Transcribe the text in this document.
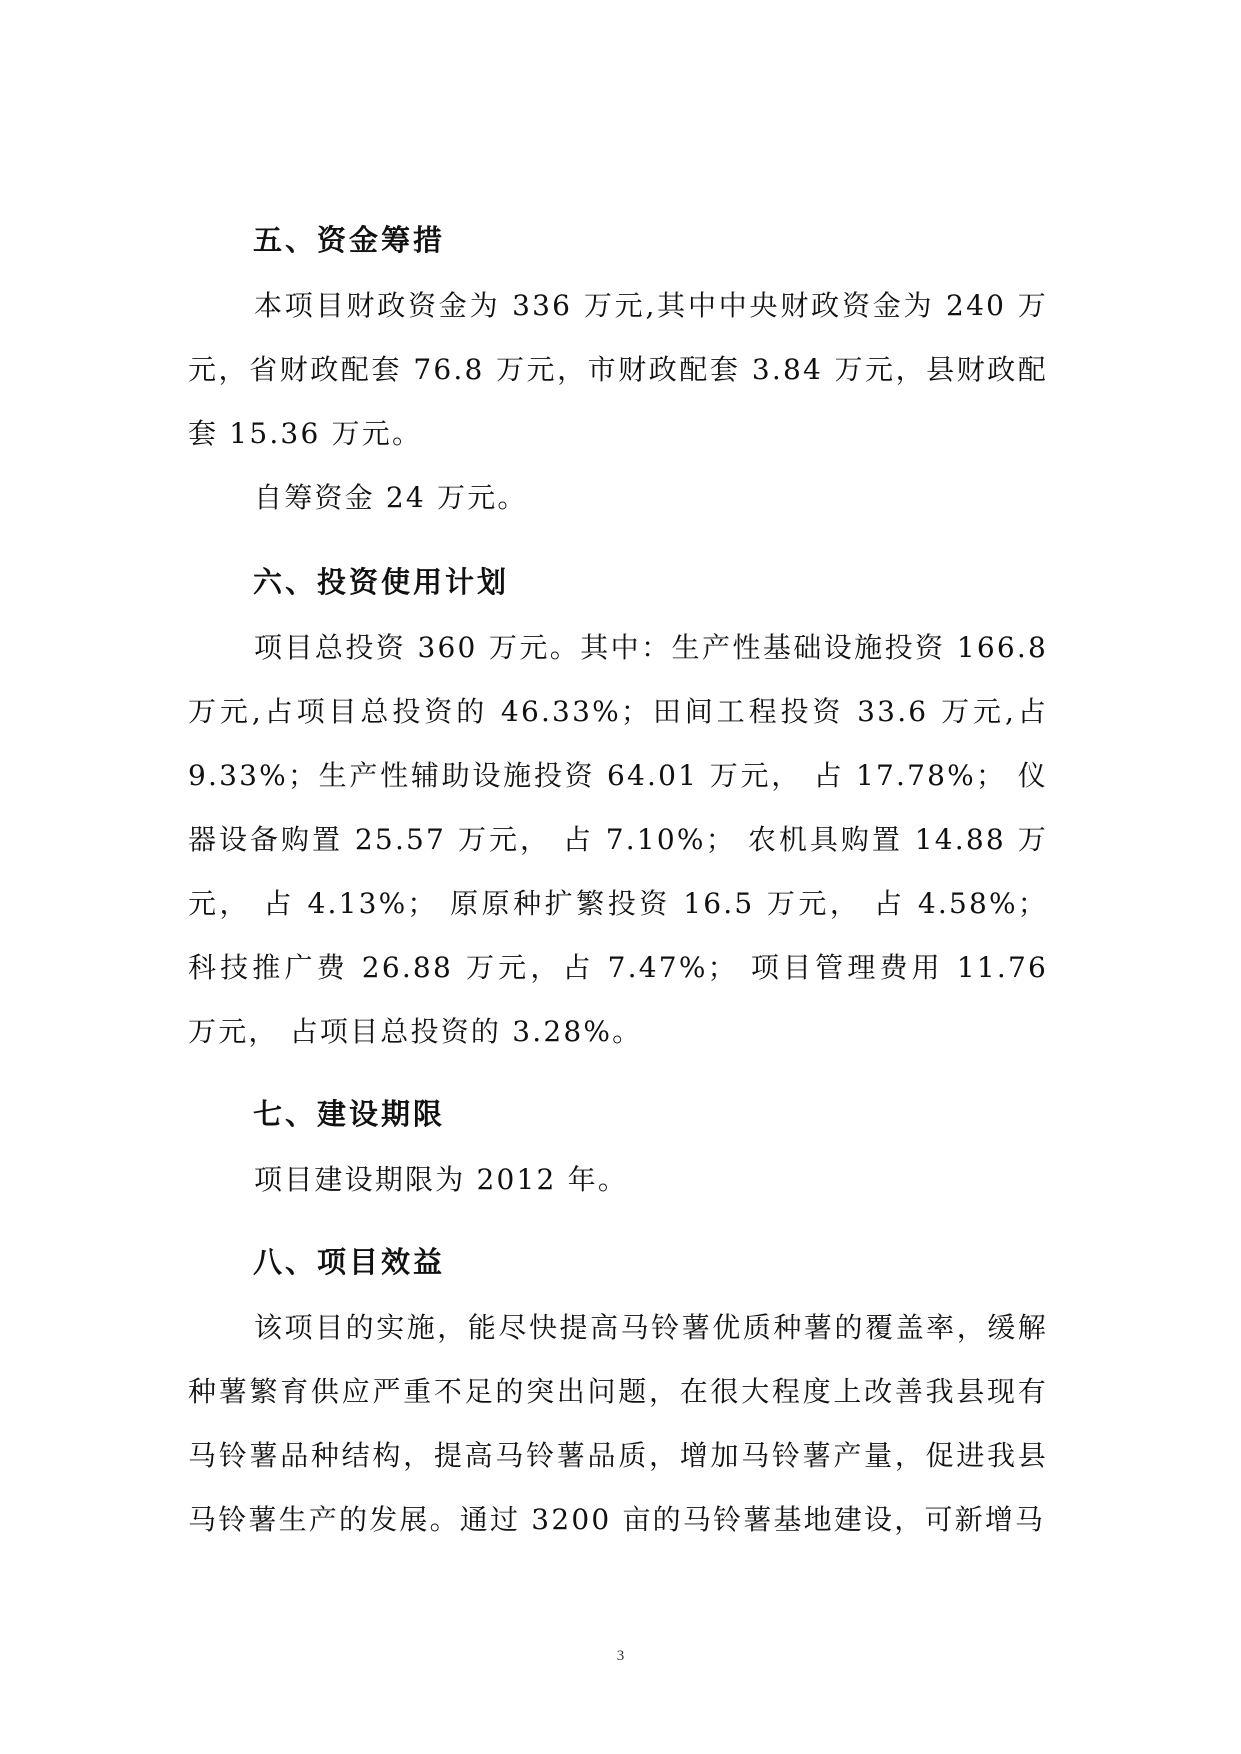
五、资金筹措

本项目财政资金为 336 万元,其中中央财政资金为 240 万元，省财政配套 76.8 万元，市财政配套 3.84 万元，县财政配套 15.36 万元。

自筹资金 24 万元。

六、投资使用计划

项目总投资 360 万元。其中：生产性基础设施投资 166.8 万元,占项目总投资的 46.33%；田间工程投资 33.6 万元,占 9.33%；生产性辅助设施投资 64.01 万元， 占 17.78%； 仪器设备购置 25.57 万元， 占 7.10%； 农机具购置 14.88 万元， 占 4.13%； 原原种扩繁投资 16.5 万元， 占 4.58%； 科技推广费 26.88 万元，占 7.47%； 项目管理费用 11.76 万元， 占项目总投资的 3.28%。

七、建设期限

项目建设期限为 2012 年。

八、项目效益

该项目的实施，能尽快提高马铃薯优质种薯的覆盖率，缓解种薯繁育供应严重不足的突出问题，在很大程度上改善我县现有马铃薯品种结构，提高马铃薯品质，增加马铃薯产量，促进我县马铃薯生产的发展。通过 3200 亩的马铃薯基地建设，可新增马

3
